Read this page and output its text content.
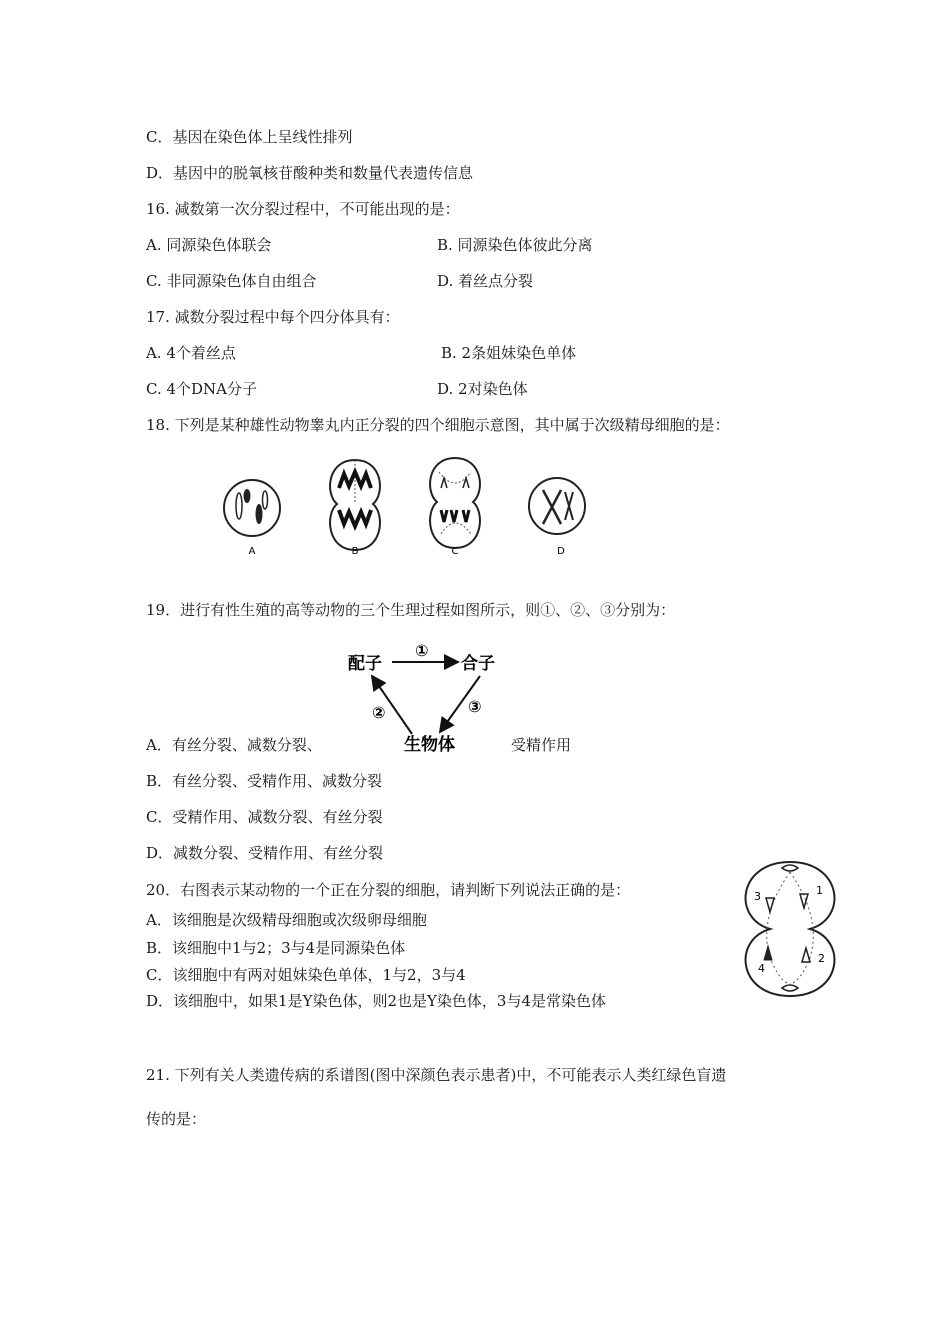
C．基因在染色体上呈线性排列
D．基因中的脱氧核苷酸种类和数量代表遗传信息
16. 减数第一次分裂过程中，不可能出现的是：
A. 同源染色体联会	B. 同源染色体彼此分离
C. 非同源染色体自由组合	D. 着丝点分裂
17. 减数分裂过程中每个四分体具有：
A. 4个着丝点	B. 2条姐妹染色单体
C. 4个DNA分子	D. 2对染色体
18. 下列是某种雄性动物睾丸内正分裂的四个细胞示意图，其中属于次级精母细胞的是：
A	B	C	D
19．进行有性生殖的高等动物的三个生理过程如图所示，则①、②、③分别为：
配子	合子
生物体
①
②	③
A．有丝分裂、减数分裂、	受精作用
B．有丝分裂、受精作用、减数分裂
C．受精作用、减数分裂、有丝分裂
D．减数分裂、受精作用、有丝分裂
20．右图表示某动物的一个正在分裂的细胞，请判断下列说法正确的是：
A．该细胞是次级精母细胞或次级卵母细胞
B．该细胞中1与2；3与4是同源染色体
C．该细胞中有两对姐妹染色单体，1与2，3与4
D．该细胞中，如果1是Y染色体，则2也是Y染色体，3与4是常染色体
3	1
4
2
21. 下列有关人类遗传病的系谱图(图中深颜色表示患者)中，不可能表示人类红绿色盲遗
传的是：
